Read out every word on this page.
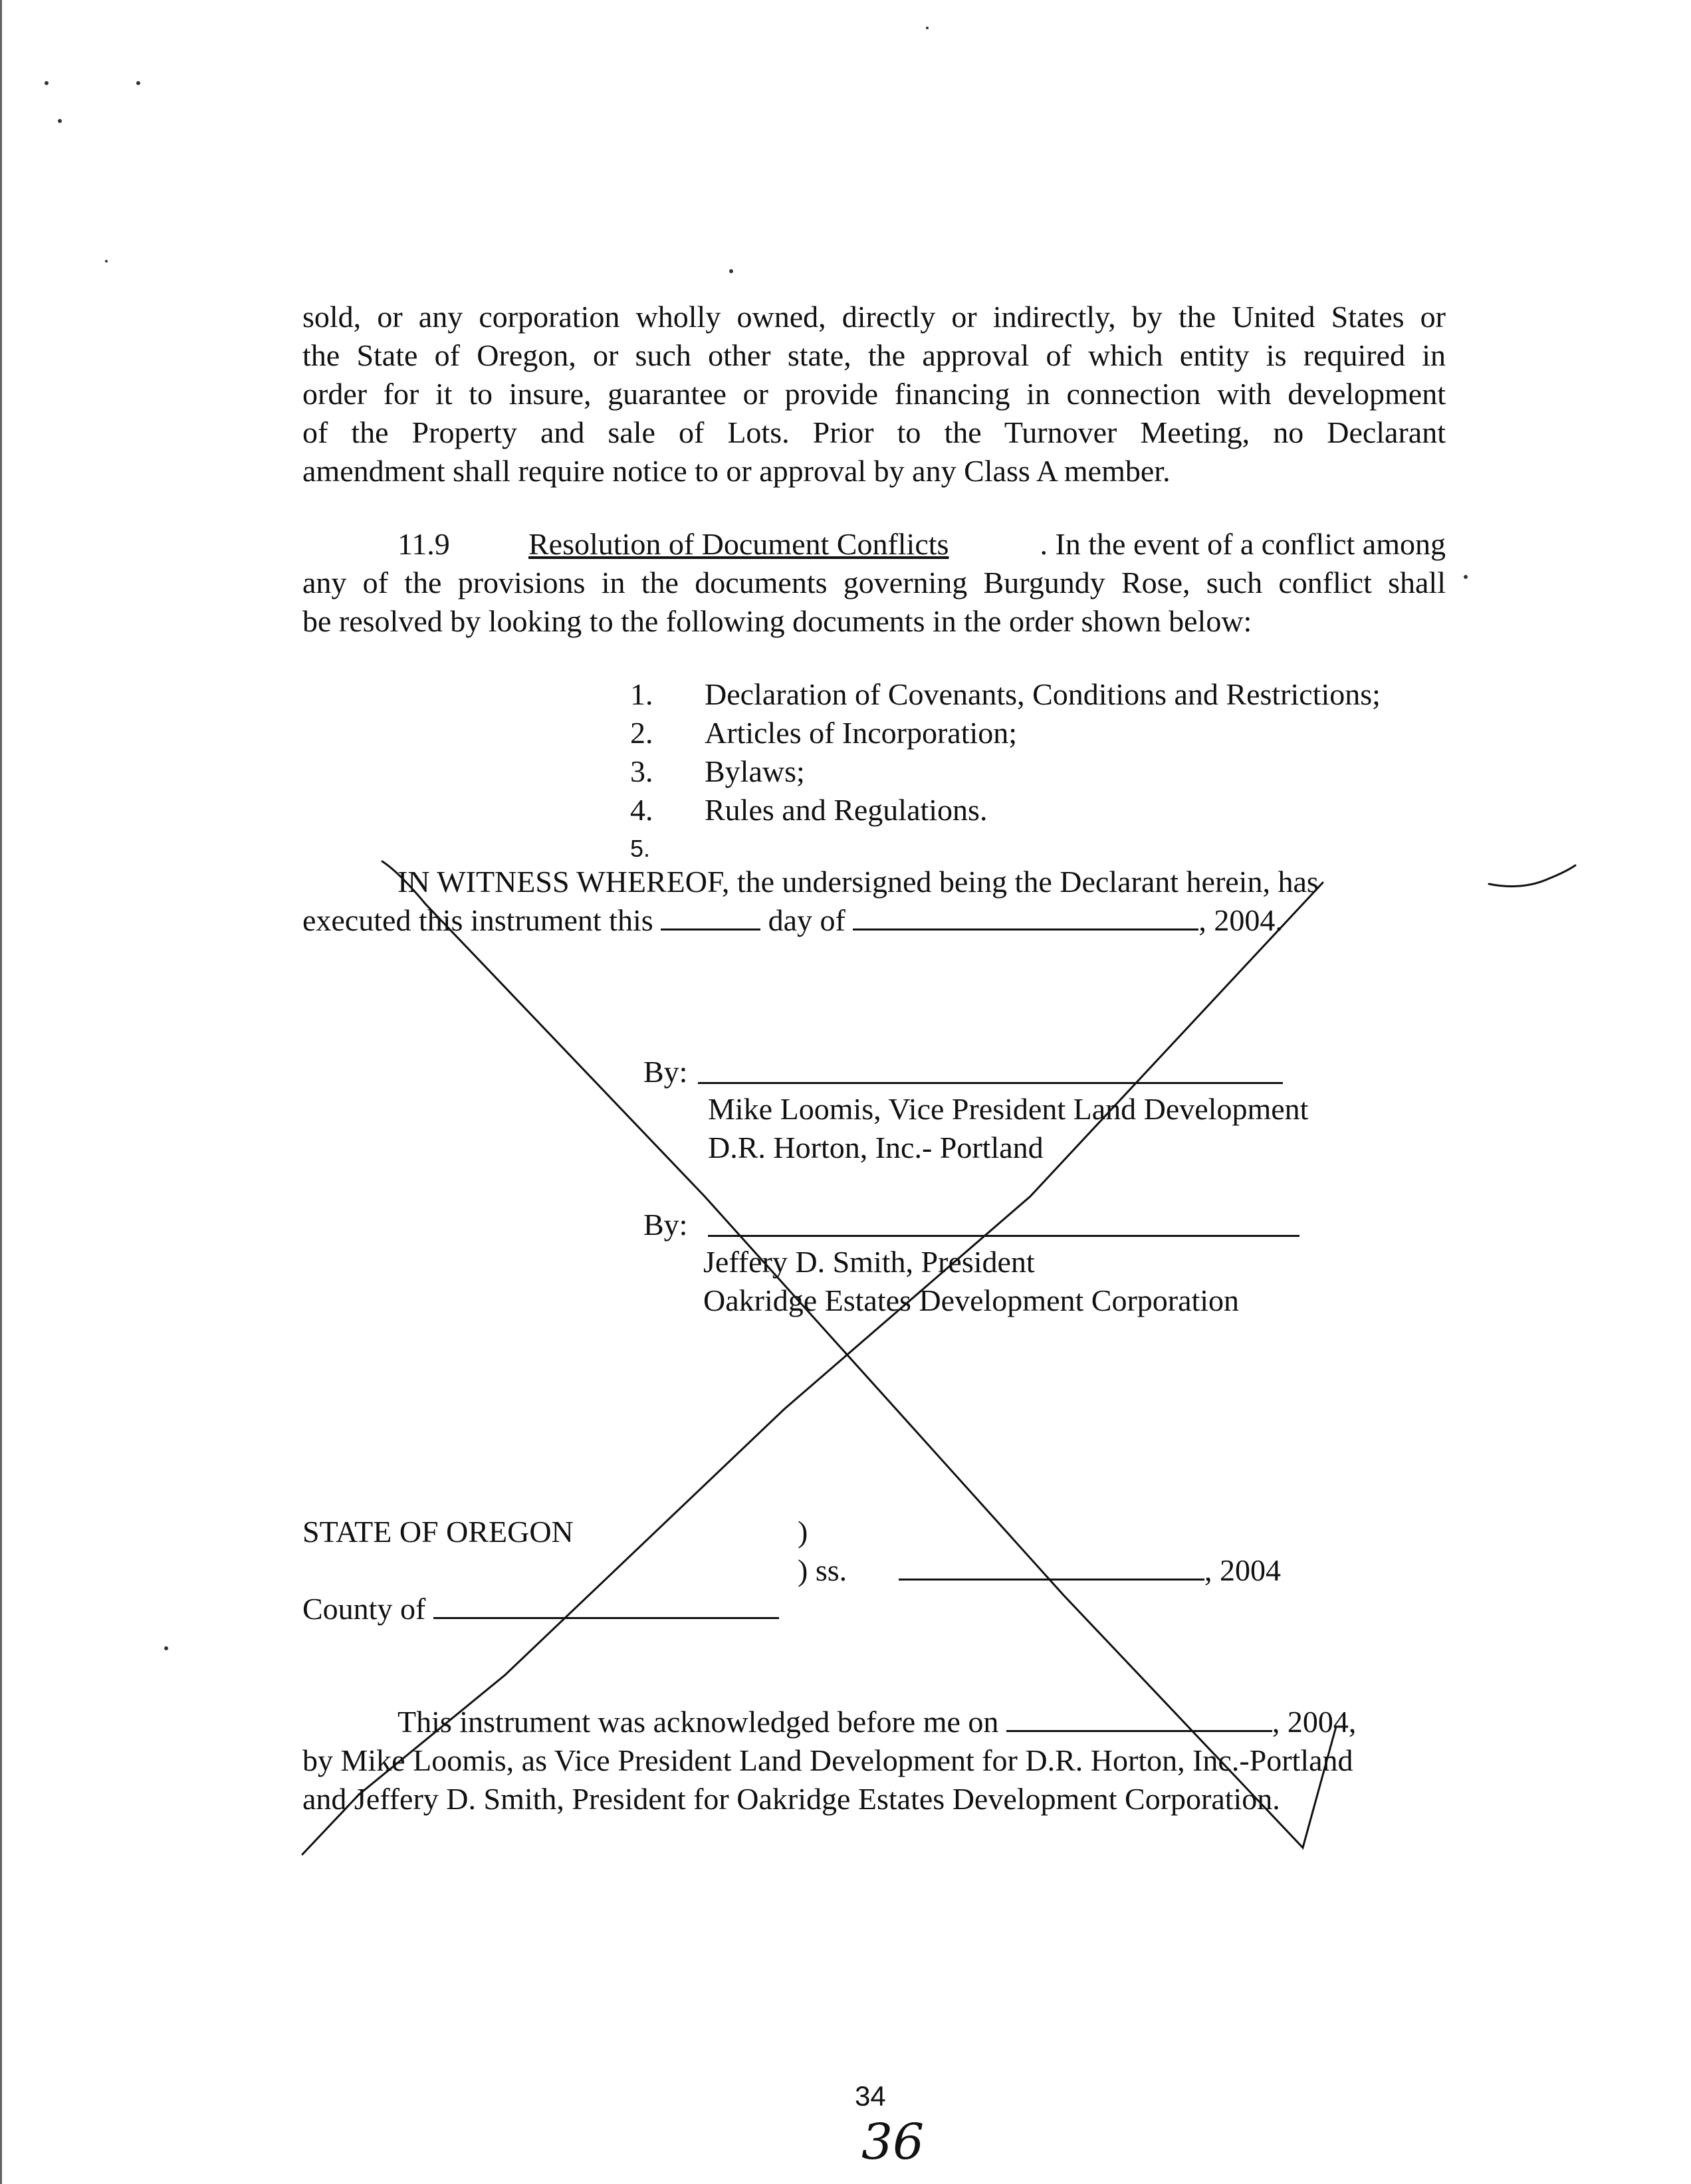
sold, or any corporation wholly owned, directly or indirectly, by the United States or
the State of Oregon, or such other state, the approval of which entity is required in
order for it to insure, guarantee or provide financing in connection with development
of the Property and sale of Lots. Prior to the Turnover Meeting, no Declarant
amendment shall require notice to or approval by any Class A member.
11.9	Resolution of Document Conflicts	. In the event of a conflict among
any of the provisions in the documents governing Burgundy Rose, such conflict shall
be resolved by looking to the following documents in the order shown below:
1. Declaration of Covenants, Conditions and Restrictions;
2. Articles of Incorporation;
3. Bylaws;
4. Rules and Regulations.
5.
IN WITNESS WHEREOF, the undersigned being the Declarant herein, has
executed this instrument this	day of	, 2004.
By:
Mike Loomis, Vice President Land Development
D.R. Horton, Inc.- Portland
By:
Jeffery D. Smith, President
Oakridge Estates Development Corporation
STATE OF OREGON	)
) ss.	, 2004
County of
This instrument was acknowledged before me on	, 2004,
by Mike Loomis, as Vice President Land Development for D.R. Horton, Inc.-Portland
and Jeffery D. Smith, President for Oakridge Estates Development Corporation.
34
36
